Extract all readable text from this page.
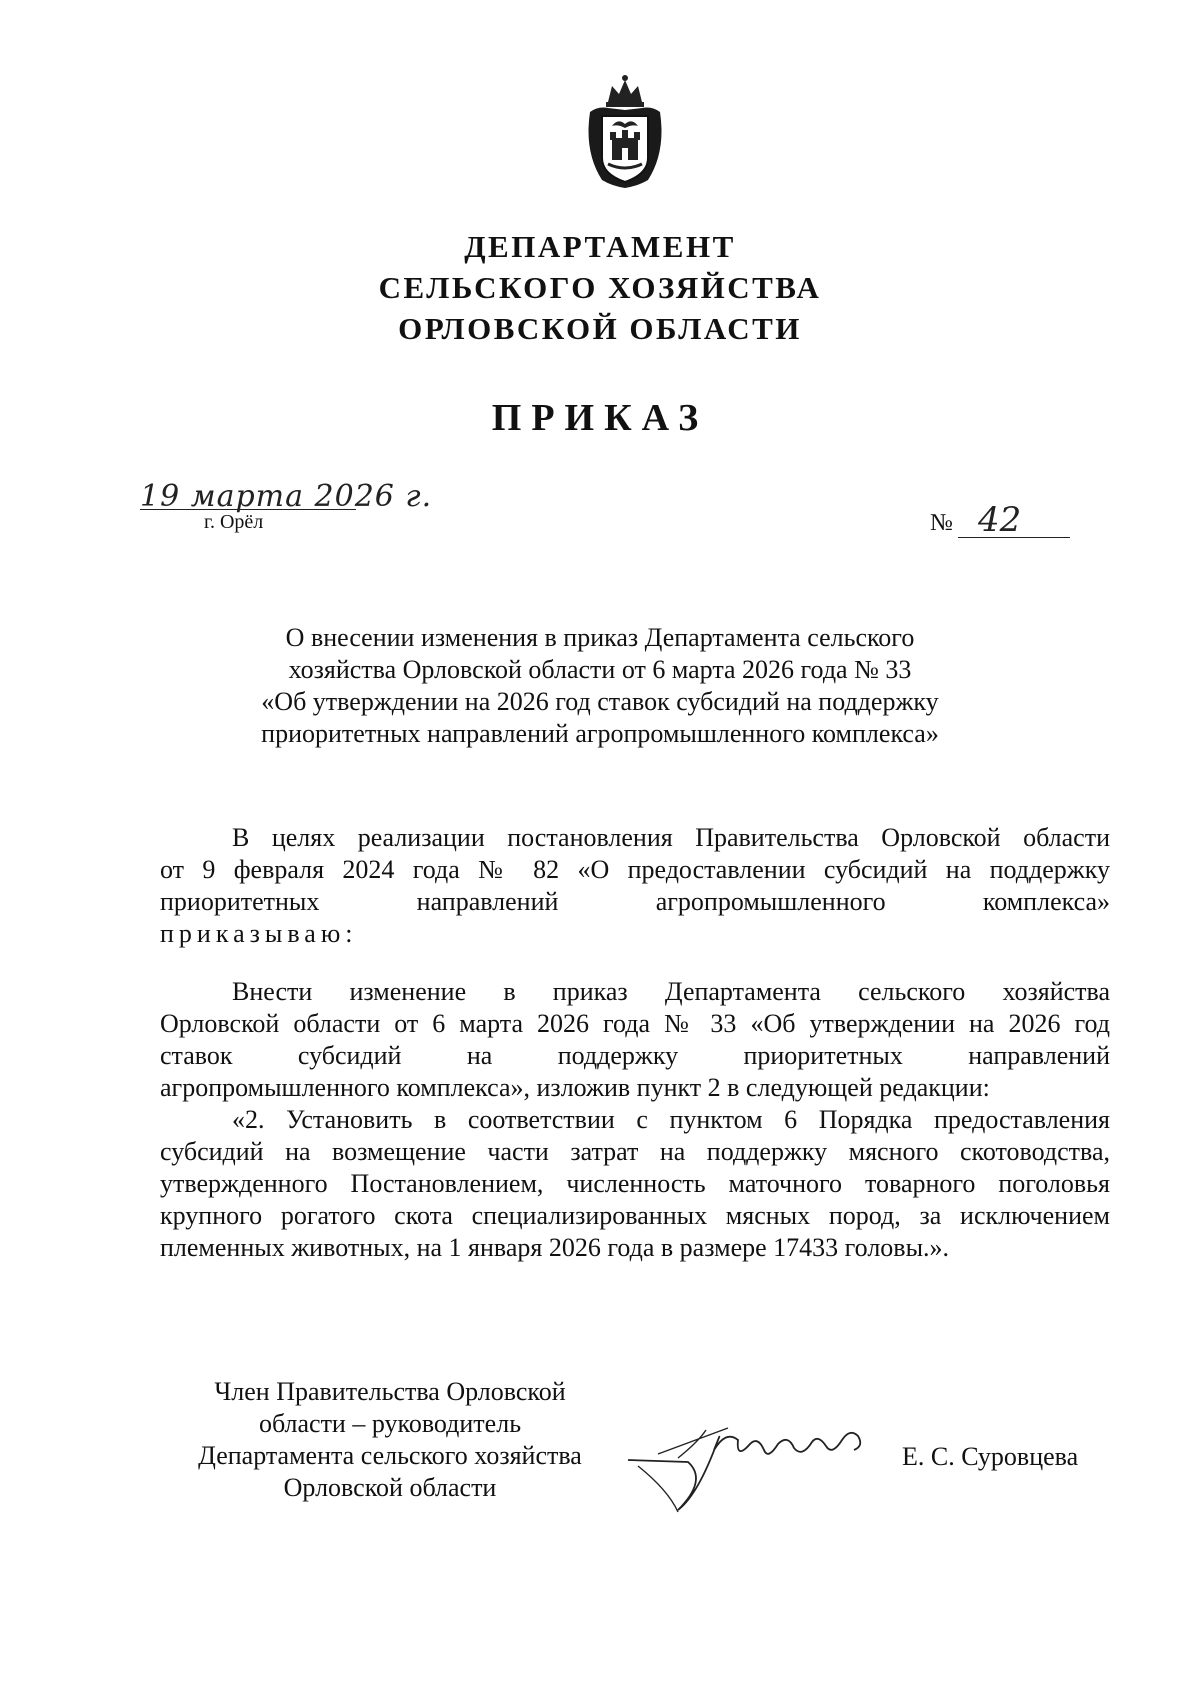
ДЕПАРТАМЕНТ
СЕЛЬСКОГО ХОЗЯЙСТВА
ОРЛОВСКОЙ ОБЛАСТИ
ПРИКАЗ
19 марта 2026 г.
г. Орёл	№ 42
О внесении изменения в приказ Департамента сельского
хозяйства Орловской области от 6 марта 2026 года № 33
«Об утверждении на 2026 год ставок субсидий на поддержку
приоритетных направлений агропромышленного комплекса»
В целях реализации постановления Правительства Орловской области
от 9 февраля 2024 года № 82 «О предоставлении субсидий на поддержку
приоритетных направлений агропромышленного комплекса»
приказываю:
Внести изменение в приказ Департамента сельского хозяйства
Орловской области от 6 марта 2026 года № 33 «Об утверждении на 2026 год
ставок субсидий на поддержку приоритетных направлений
агропромышленного комплекса», изложив пункт 2 в следующей редакции:
«2. Установить в соответствии с пунктом 6 Порядка предоставления
субсидий на возмещение части затрат на поддержку мясного скотоводства,
утвержденного Постановлением, численность маточного товарного поголовья
крупного рогатого скота специализированных мясных пород, за исключением
племенных животных, на 1 января 2026 года в размере 17433 головы.».
Член Правительства Орловской
области – руководитель
Департамента сельского хозяйства
Орловской области
Е. С. Суровцева
